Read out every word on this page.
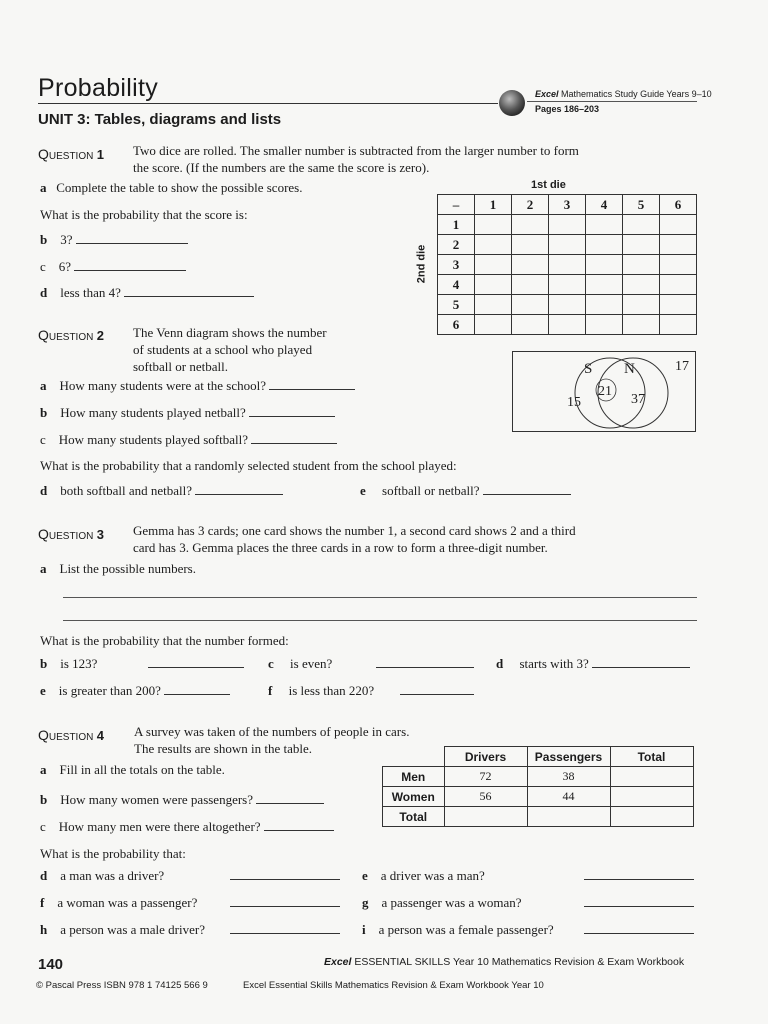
Probability
UNIT 3: Tables, diagrams and lists
Excel Mathematics Study Guide Years 9–10
Pages 186–203
Question 1 Two dice are rolled. The smaller number is subtracted from the larger number to form
the score. (If the numbers are the same the score is zero).
a Complete the table to show the possible scores.
What is the probability that the score is:
b 3?
c 6?
d less than 4?
1st die
2nd die
–	1	2	3	4	5	6
1						
2						
3						
4						
5						
6						
Question 2 The Venn diagram shows the number
of students at a school who played
softball or netball.
a How many students were at the school?
b How many students played netball?
c How many students played softball?
S N
15
21
37
17
What is the probability that a randomly selected student from the school played:
d both softball and netball?	e softball or netball?
Question 3 Gemma has 3 cards; one card shows the number 1, a second card shows 2 and a third
card has 3. Gemma places the three cards in a row to form a three-digit number.
a List the possible numbers.
What is the probability that the number formed:
b is 123?	c is even?	d starts with 3?
e is greater than 200?	f is less than 220?
Question 4 A survey was taken of the numbers of people in cars.
The results are shown in the table.
a Fill in all the totals on the table.
b How many women were passengers?
c How many men were there altogether?
	Drivers	Passengers	Total
Men	72	38	
Women	56	44	
Total			
What is the probability that:
d a man was a driver?	e a driver was a man?
f a woman was a passenger?	g a passenger was a woman?
h a person was a male driver?	i a person was a female passenger?
140	Excel ESSENTIAL SKILLS Year 10 Mathematics Revision & Exam Workbook
© Pascal Press ISBN 978 1 74125 566 9	Excel Essential Skills Mathematics Revision & Exam Workbook Year 10
